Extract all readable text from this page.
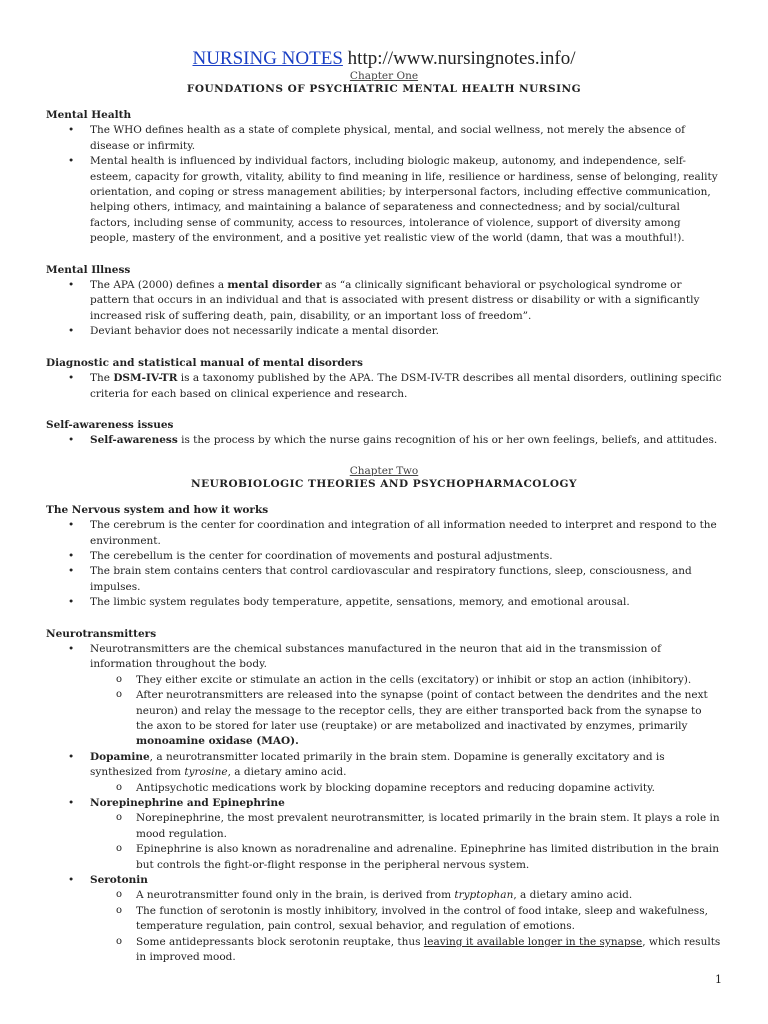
NURSING NOTES http://www.nursingnotes.info/
Chapter One
FOUNDATIONS OF PSYCHIATRIC MENTAL HEALTH NURSING
Mental Health
• The WHO defines health as a state of complete physical, mental, and social wellness, not merely the absence of disease or infirmity.
• Mental health is influenced by individual factors, including biologic makeup, autonomy, and independence, self-esteem, capacity for growth, vitality, ability to find meaning in life, resilience or hardiness, sense of belonging, reality orientation, and coping or stress management abilities; by interpersonal factors, including effective communication, helping others, intimacy, and maintaining a balance of separateness and connectedness; and by social/cultural factors, including sense of community, access to resources, intolerance of violence, support of diversity among people, mastery of the environment, and a positive yet realistic view of the world (damn, that was a mouthful!).
Mental Illness
• The APA (2000) defines a mental disorder as “a clinically significant behavioral or psychological syndrome or pattern that occurs in an individual and that is associated with present distress or disability or with a significantly increased risk of suffering death, pain, disability, or an important loss of freedom”.
• Deviant behavior does not necessarily indicate a mental disorder.
Diagnostic and statistical manual of mental disorders
• The DSM-IV-TR is a taxonomy published by the APA. The DSM-IV-TR describes all mental disorders, outlining specific criteria for each based on clinical experience and research.
Self-awareness issues
• Self-awareness is the process by which the nurse gains recognition of his or her own feelings, beliefs, and attitudes.
Chapter Two
NEUROBIOLOGIC THEORIES AND PSYCHOPHARMACOLOGY
The Nervous system and how it works
• The cerebrum is the center for coordination and integration of all information needed to interpret and respond to the environment.
• The cerebellum is the center for coordination of movements and postural adjustments.
• The brain stem contains centers that control cardiovascular and respiratory functions, sleep, consciousness, and impulses.
• The limbic system regulates body temperature, appetite, sensations, memory, and emotional arousal.
Neurotransmitters
• Neurotransmitters are the chemical substances manufactured in the neuron that aid in the transmission of information throughout the body.
o They either excite or stimulate an action in the cells (excitatory) or inhibit or stop an action (inhibitory).
o After neurotransmitters are released into the synapse (point of contact between the dendrites and the next neuron) and relay the message to the receptor cells, they are either transported back from the synapse to the axon to be stored for later use (reuptake) or are metabolized and inactivated by enzymes, primarily monoamine oxidase (MAO).
• Dopamine, a neurotransmitter located primarily in the brain stem. Dopamine is generally excitatory and is synthesized from tyrosine, a dietary amino acid.
o Antipsychotic medications work by blocking dopamine receptors and reducing dopamine activity.
• Norepinephrine and Epinephrine
o Norepinephrine, the most prevalent neurotransmitter, is located primarily in the brain stem. It plays a role in mood regulation.
o Epinephrine is also known as noradrenaline and adrenaline. Epinephrine has limited distribution in the brain but controls the fight-or-flight response in the peripheral nervous system.
• Serotonin
o A neurotransmitter found only in the brain, is derived from tryptophan, a dietary amino acid.
o The function of serotonin is mostly inhibitory, involved in the control of food intake, sleep and wakefulness, temperature regulation, pain control, sexual behavior, and regulation of emotions.
o Some antidepressants block serotonin reuptake, thus leaving it available longer in the synapse, which results in improved mood.
1
